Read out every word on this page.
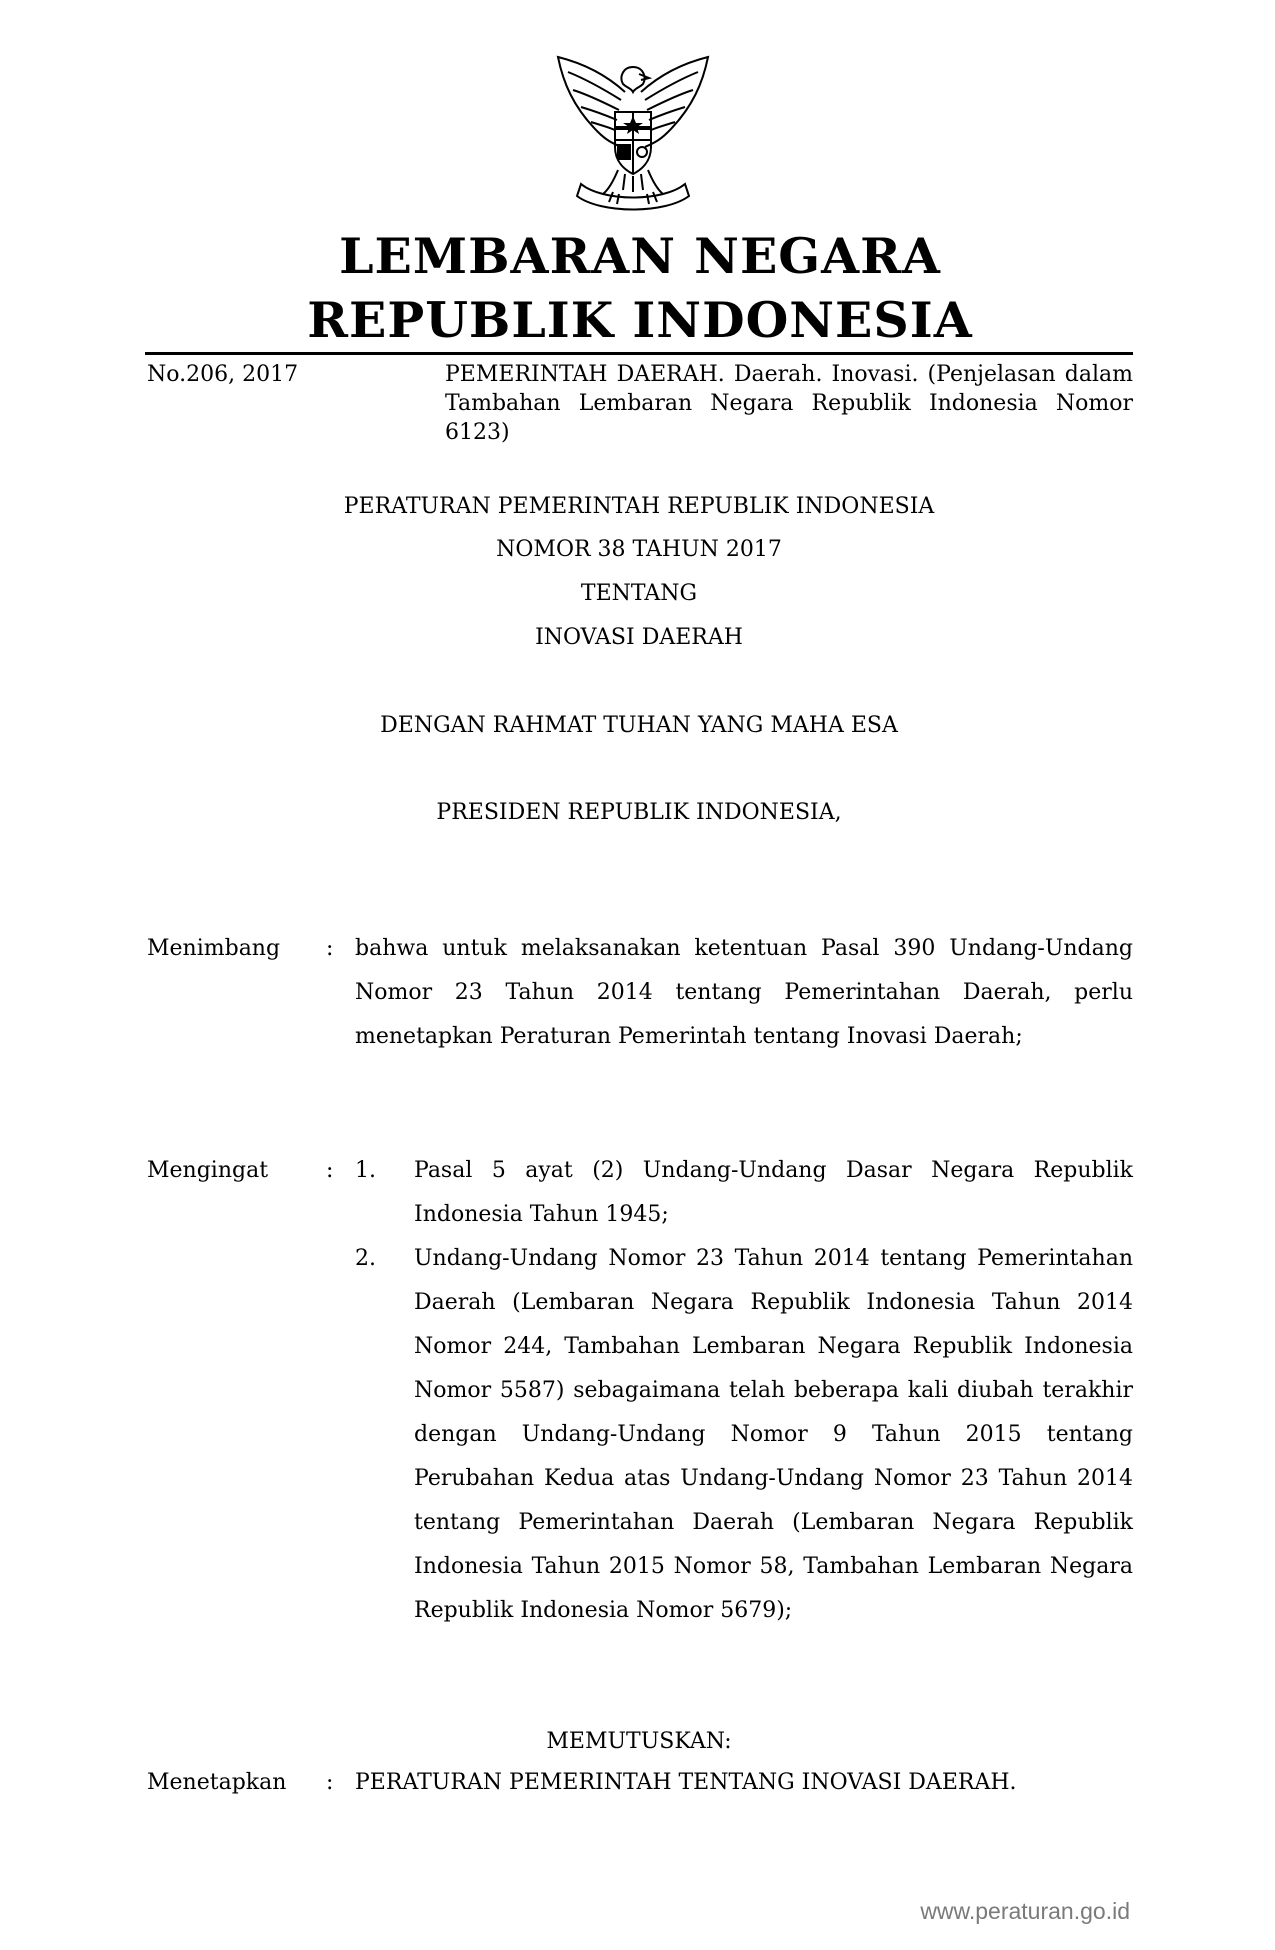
LEMBARAN NEGARA
REPUBLIK INDONESIA
No.206, 2017	PEMERINTAH DAERAH. Daerah. Inovasi. (Penjelasan dalam Tambahan Lembaran Negara Republik Indonesia Nomor 6123)
PERATURAN PEMERINTAH REPUBLIK INDONESIA
NOMOR 38 TAHUN 2017
TENTANG
INOVASI DAERAH
DENGAN RAHMAT TUHAN YANG MAHA ESA
PRESIDEN REPUBLIK INDONESIA,
Menimbang : bahwa untuk melaksanakan ketentuan Pasal 390 Undang-Undang Nomor 23 Tahun 2014 tentang Pemerintahan Daerah, perlu menetapkan Peraturan Pemerintah tentang Inovasi Daerah;
Mengingat	: 1. Pasal 5 ayat (2) Undang-Undang Dasar Negara Republik Indonesia Tahun 1945;
2. Undang-Undang Nomor 23 Tahun 2014 tentang Pemerintahan Daerah (Lembaran Negara Republik Indonesia Tahun 2014 Nomor 244, Tambahan Lembaran Negara Republik Indonesia Nomor 5587) sebagaimana telah beberapa kali diubah terakhir dengan Undang-Undang Nomor 9 Tahun 2015 tentang Perubahan Kedua atas Undang-Undang Nomor 23 Tahun 2014 tentang Pemerintahan Daerah (Lembaran Negara Republik Indonesia Tahun 2015 Nomor 58, Tambahan Lembaran Negara Republik Indonesia Nomor 5679);
MEMUTUSKAN:
Menetapkan : PERATURAN PEMERINTAH TENTANG INOVASI DAERAH.
www.peraturan.go.id
